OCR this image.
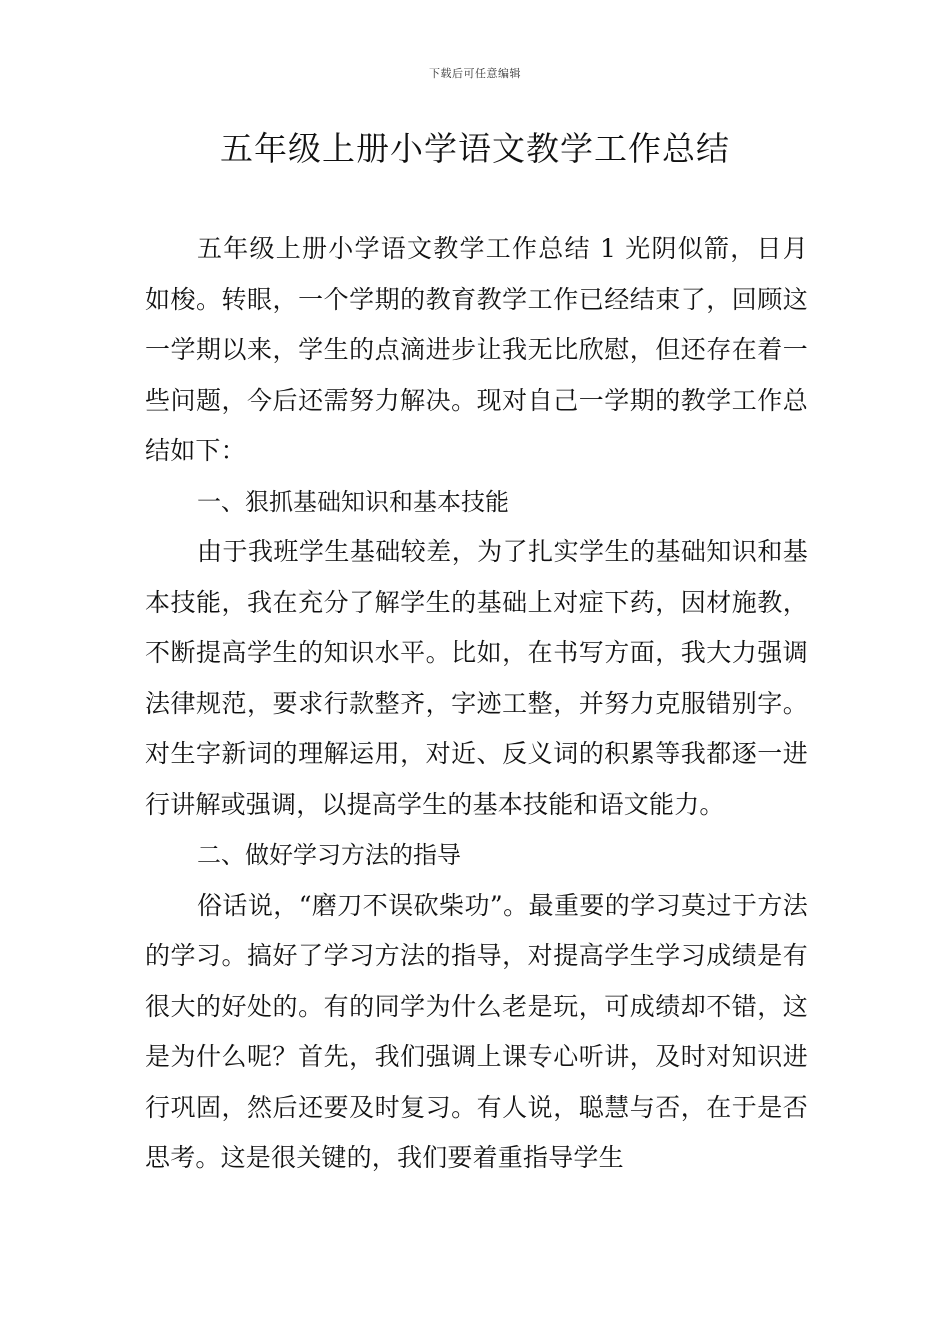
下载后可任意编辑
五年级上册小学语文教学工作总结

五年级上册小学语文教学工作总结 1 光阴似箭，日月如梭。转眼，一个学期的教育教学工作已经结束了，回顾这一学期以来，学生的点滴进步让我无比欣慰，但还存在着一些问题，今后还需努力解决。现对自己一学期的教学工作总结如下：

一、狠抓基础知识和基本技能

由于我班学生基础较差，为了扎实学生的基础知识和基本技能，我在充分了解学生的基础上对症下药，因材施教，不断提高学生的知识水平。比如，在书写方面，我大力强调法律规范，要求行款整齐，字迹工整，并努力克服错别字。对生字新词的理解运用，对近、反义词的积累等我都逐一进行讲解或强调，以提高学生的基本技能和语文能力。

二、做好学习方法的指导

俗话说，“磨刀不误砍柴功”。最重要的学习莫过于方法的学习。搞好了学习方法的指导，对提高学生学习成绩是有很大的好处的。有的同学为什么老是玩，可成绩却不错，这是为什么呢？首先，我们强调上课专心听讲，及时对知识进行巩固，然后还要及时复习。有人说，聪慧与否，在于是否思考。这是很关键的，我们要着重指导学生
